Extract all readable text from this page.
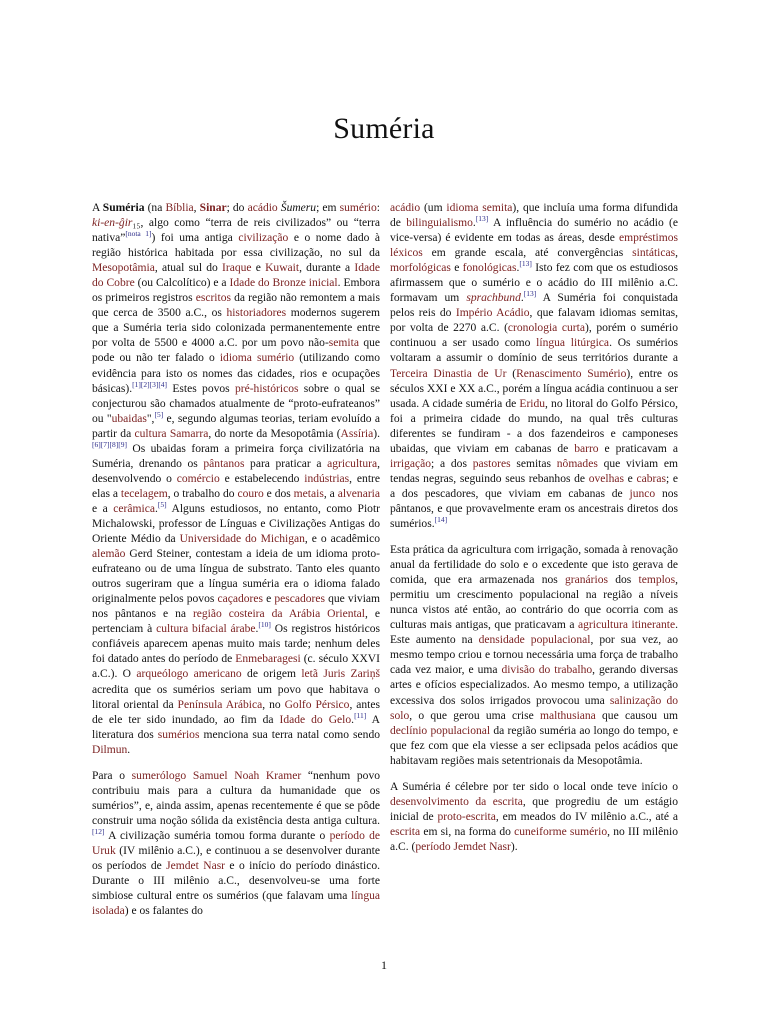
Suméria

A Suméria (na Bíblia, Sinar; do acádio Šumeru; em sumério: ki-en-ĝir₁₅, algo como “terra de reis civilizados” ou “terra nativa”[nota 1]) foi uma antiga civilização e o nome dado à região histórica habitada por essa civilização, no sul da Mesopotâmia, atual sul do Iraque e Kuwait, durante a Idade do Cobre (ou Calcolítico) e a Idade do Bronze inicial. Embora os primeiros registros escritos da região não remontem a mais que cerca de 3500 a.C., os historiadores modernos sugerem que a Suméria teria sido colonizada permanentemente entre por volta de 5500 e 4000 a.C. por um povo não-semita que pode ou não ter falado o idioma sumério (utilizando como evidência para isto os nomes das cidades, rios e ocupações básicas).[1][2][3][4] Estes povos pré-históricos sobre o qual se conjecturou são chamados atualmente de “proto-eufrateanos” ou "ubaidas",[5] e, segundo algumas teorias, teriam evoluído a partir da cultura Samarra, do norte da Mesopotâmia (Assíria).[6][7][8][9] Os ubaidas foram a primeira força civilizatória na Suméria, drenando os pântanos para praticar a agricultura, desenvolvendo o comércio e estabelecendo indústrias, entre elas a tecelagem, o trabalho do couro e dos metais, a alvenaria e a cerâmica.[5] Alguns estudiosos, no entanto, como Piotr Michalowski, professor de Línguas e Civilizações Antigas do Oriente Médio da Universidade do Michigan, e o acadêmico alemão Gerd Steiner, contestam a ideia de um idioma proto-eufrateano ou de uma língua de substrato. Tanto eles quanto outros sugeriram que a língua suméria era o idioma falado originalmente pelos povos caçadores e pescadores que viviam nos pântanos e na região costeira da Arábia Oriental, e pertenciam à cultura bifacial árabe.[10] Os registros históricos confiáveis aparecem apenas muito mais tarde; nenhum deles foi datado antes do período de Enmebaragesi (c. século XXVI a.C.). O arqueólogo americano de origem letã Juris Zariņš acredita que os sumérios seriam um povo que habitava o litoral oriental da Península Arábica, no Golfo Pérsico, antes de ele ter sido inundado, ao fim da Idade do Gelo.[11] A literatura dos sumérios menciona sua terra natal como sendo Dilmun.

Para o sumerólogo Samuel Noah Kramer “nenhum povo contribuiu mais para a cultura da humanidade que os sumérios”, e, ainda assim, apenas recentemente é que se pôde construir uma noção sólida da existência desta antiga cultura.[12] A civilização suméria tomou forma durante o período de Uruk (IV milênio a.C.), e continuou a se desenvolver durante os períodos de Jemdet Nasr e o início do período dinástico. Durante o III milênio a.C., desenvolveu-se uma forte simbiose cultural entre os sumérios (que falavam uma língua isolada) e os falantes do

acádio (um idioma semita), que incluía uma forma difundida de bilinguialismo.[13] A influência do sumério no acádio (e vice-versa) é evidente em todas as áreas, desde empréstimos léxicos em grande escala, até convergências sintáticas, morfológicas e fonológicas.[13] Isto fez com que os estudiosos afirmassem que o sumério e o acádio do III milênio a.C. formavam um sprachbund.[13] A Suméria foi conquistada pelos reis do Império Acádio, que falavam idiomas semitas, por volta de 2270 a.C. (cronologia curta), porém o sumério continuou a ser usado como língua litúrgica. Os sumérios voltaram a assumir o domínio de seus territórios durante a Terceira Dinastia de Ur (Renascimento Sumério), entre os séculos XXI e XX a.C., porém a língua acádia continuou a ser usada. A cidade suméria de Eridu, no litoral do Golfo Pérsico, foi a primeira cidade do mundo, na qual três culturas diferentes se fundiram - a dos fazendeiros e camponeses ubaidas, que viviam em cabanas de barro e praticavam a irrigação; a dos pastores semitas nômades que viviam em tendas negras, seguindo seus rebanhos de ovelhas e cabras; e a dos pescadores, que viviam em cabanas de junco nos pântanos, e que provavelmente eram os ancestrais diretos dos sumérios.[14]

Esta prática da agricultura com irrigação, somada à renovação anual da fertilidade do solo e o excedente que isto gerava de comida, que era armazenada nos granários dos templos, permitiu um crescimento populacional na região a níveis nunca vistos até então, ao contrário do que ocorria com as culturas mais antigas, que praticavam a agricultura itinerante. Este aumento na densidade populacional, por sua vez, ao mesmo tempo criou e tornou necessária uma força de trabalho cada vez maior, e uma divisão do trabalho, gerando diversas artes e ofícios especializados. Ao mesmo tempo, a utilização excessiva dos solos irrigados provocou uma salinização do solo, o que gerou uma crise malthusiana que causou um declínio populacional da região suméria ao longo do tempo, e que fez com que ela viesse a ser eclipsada pelos acádios que habitavam regiões mais setentrionais da Mesopotâmia.

A Suméria é célebre por ter sido o local onde teve início o desenvolvimento da escrita, que progrediu de um estágio inicial de proto-escrita, em meados do IV milênio a.C., até a escrita em si, na forma do cuneiforme sumério, no III milênio a.C. (período Jemdet Nasr).

1
